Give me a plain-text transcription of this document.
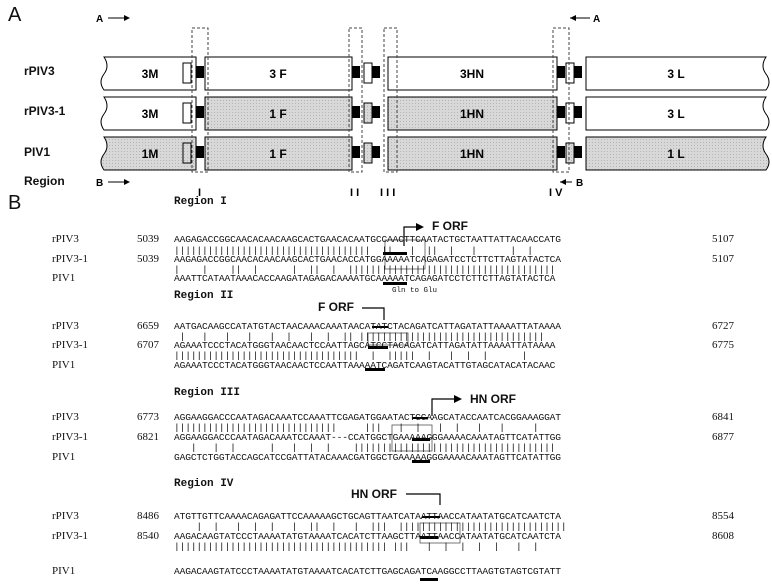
A
rPIV3
rPIV3-1
PIV1
Region
A	A
3M	3 F	3HN	3 L
3M	1 F	1HN	3 L
1M	1 F	1HN	1 L
B	B
I	I I I I I	I V
B	Region I
F ORF
rPIV3	5039 AAGAGACCGGCAACACAACAAGCACTGAACACAATGCCAACTTCAATACTGCTAATTATTACAACCATG	5107
|||||||||||||||||||||||||||||||||||  ||   |  ||  |   |      |  |
rPIV3-1	5039 AAGAGACCGGCAACACAACAAGCACTGAACACCATGGAAAAATCAGAGATCCTCTTCTTAGTATACTCA	5107
|    |    ||  |      |  ||  |  |||||||||||||||||||||||||||||||||||||
PIV1	AAATTCATAATAAACACCAAGATAGAGACAAAATGCAAAAATCAGAGATCCTCTTCTTAGTATACTCA
Gln to Glu
Region II
F ORF
rPIV3	6659 AATGACAAGCCATATGTACTAACAAACAAATAACATATCTACAGATCATTAGATATTAAAATTATAAAA	6727
|   |   |   |   |  |   |  |  || |||||||||||||||||||||||||||||||||
rPIV3-1	6707 AGAAATCCCTACATGGGTAACAACTCCAATTAGCATCCTACAGATCATTAGATATTAAAATTATAAAA	6775
|||||||||||||||||||||||||||||||||  |  |||||  |   |  |  |      |
PIV1	AGAAATCCCTACATGGGTAACAACTCCAATTAAAAATCAGATCAAGTACATTGTAGCATACATACAAC
Region III	HN ORF
rPIV3	6773 AGGAAGGACCCAATAGACAAATCCAAATTCGAGATGGAATACTGGAAGCATACCAATCACGGAAAGGAT	6841
|||||||||||||||||||||||||||||     |||   |  |   |  |   |   |     |
rPIV3-1	6821 AGGAAGGACCCAATAGACAAATCCAAAT---CCATGGCTGAAAAAGGGAAAACAAATAGTTCATATTGG	6877
|   |  |      |   |  |  |    ||||||||||||||||||||||||||||||||||||
PIV1	GAGCTCTGGTACCAGCATCCGATTATACAAACGATGGCTGAAAAAGGGAAAACAAATAGTTCATATTGG
Region IV
HN ORF
rPIV3	8486 ATGTTGTTCAAAACAGAGATTCCAAAAAGCTGCAGTTAATCATAATTAACCATAATATGCATCAATCTA	8554
|  |   |  |  |   |  ||  |   |  |||  ||||||||||||||||||||||||||||||
rPIV3-1	8540 AAGACAAGTATCCCTAAAATATGTAAAATCACATCTTAAGCTTAATTAACCATAATATGCATCAATCTA	8608
|||||||||||||||||||||||||||||||||||||| |||   |  |  |  |  |   |  |
PIV1	AAGACAAGTATCCCTAAAATATGTAAAATCACATCTTGAGCAGATCAAGGCCTTAAGTGTAGTCGTATT
